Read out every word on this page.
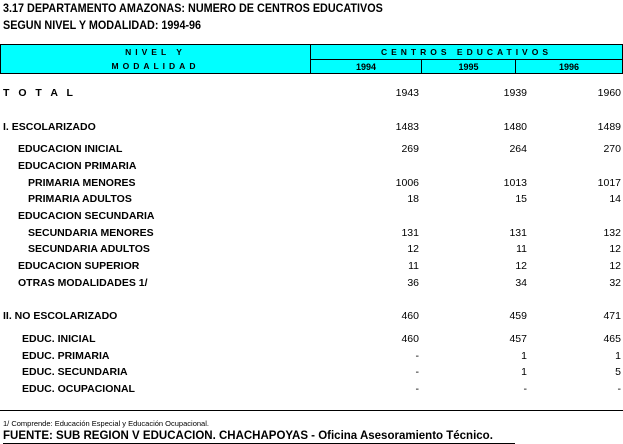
3.17 DEPARTAMENTO AMAZONAS: NUMERO DE CENTROS EDUCATIVOS
SEGUN NIVEL Y MODALIDAD: 1994-96
NIVEL Y
MODALIDAD
CENTROS EDUCATIVOS
1994	1995	1996
T O T A L	1943	1939	1960
I. ESCOLARIZADO	1483	1480	1489
EDUCACION INICIAL	269	264	270
EDUCACION PRIMARIA
PRIMARIA MENORES	1006	1013	1017
PRIMARIA ADULTOS	18	15	14
EDUCACION SECUNDARIA
SECUNDARIA MENORES	131	131	132
SECUNDARIA ADULTOS	12	11	12
EDUCACION SUPERIOR	11	12	12
OTRAS MODALIDADES 1/	36	34	32
II. NO ESCOLARIZADO	460	459	471
EDUC. INICIAL	460	457	465
EDUC. PRIMARIA	-	1	1
EDUC. SECUNDARIA	-	1	5
EDUC. OCUPACIONAL	-	-	-
1/ Comprende: Educación Especial y Educación Ocupacional.
FUENTE: SUB REGION V EDUCACION. CHACHAPOYAS - Oficina Asesoramiento Técnico.
